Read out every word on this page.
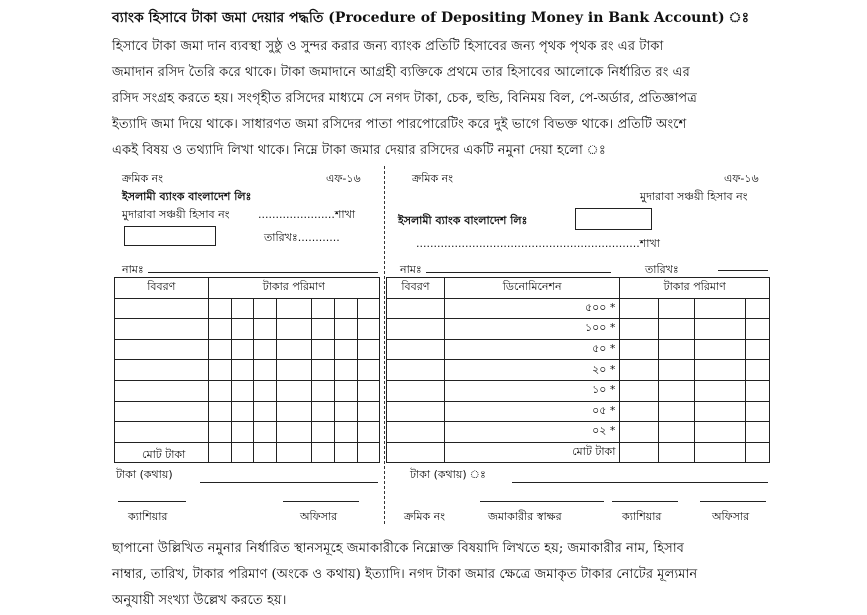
ব্যাংক হিসাবে টাকা জমা দেয়ার পদ্ধতি (Procedure of Depositing Money in Bank Account) ঃ
হিসাবে টাকা জমা দান ব্যবস্থা সুষ্ঠু ও সুন্দর করার জন্য ব্যাংক প্রতিটি হিসাবের জন্য পৃথক পৃথক রং এর টাকা
জমাদান রসিদ তৈরি করে থাকে। টাকা জমাদানে আগ্রহী ব্যক্তিকে প্রথমে তার হিসাবের আলোকে নির্ধারিত রং এর
রসিদ সংগ্রহ করতে হয়। সংগৃহীত রসিদের মাধ্যমে সে নগদ টাকা, চেক, হুন্ডি, বিনিময় বিল, পে-অর্ডার, প্রতিজ্ঞাপত্র
ইত্যাদি জমা দিয়ে থাকে। সাধারণত জমা রসিদের পাতা পারপোরেটিং করে দুই ভাগে বিভক্ত থাকে। প্রতিটি অংশে
একই বিষয় ও তথ্যাদি লিখা থাকে। নিম্নে টাকা জমার দেয়ার রসিদের একটি নমুনা দেয়া হলো ঃ
ক্রমিক নং	এফ-১৬
ইসলামী ব্যাংক বাংলাদেশ লিঃ
মুদারাবা সঞ্চয়ী হিসাব নং	......................শাখা
তারিখঃ............
নামঃ
বিবরণ	টাকার পরিমাণ						

মোট টাকা
টাকা (কথায়)
ক্যাশিয়ার	অফিসার
ক্রমিক নং	এফ-১৬
মুদারাবা সঞ্চয়ী হিসাব নং
ইসলামী ব্যাংক বাংলাদেশ লিঃ
................................................................শাখা
নামঃ	তারিখঃ
বিবরণ	ডিনোমিনেশন	টাকার পরিমাণ			
	৫০০ *				
	১০০ *				
	৫০ *				
	২০ *				
	১০ *				
	০৫ *				
	০২ *				
	মোট টাকা				
টাকা (কথায়) ঃ
ক্রমিক নং	জমাকারীর স্বাক্ষর	ক্যাশিয়ার	অফিসার
ছাপানো উল্লিখিত নমুনার নির্ধারিত স্থানসমূহে জমাকারীকে নিম্নোক্ত বিষয়াদি লিখতে হয়; জমাকারীর নাম, হিসাব
নাম্বার, তারিখ, টাকার পরিমাণ (অংকে ও কথায়) ইত্যাদি। নগদ টাকা জমার ক্ষেত্রে জমাকৃত টাকার নোটের মূল্যমান
অনুযায়ী সংখ্যা উল্লেখ করতে হয়।
